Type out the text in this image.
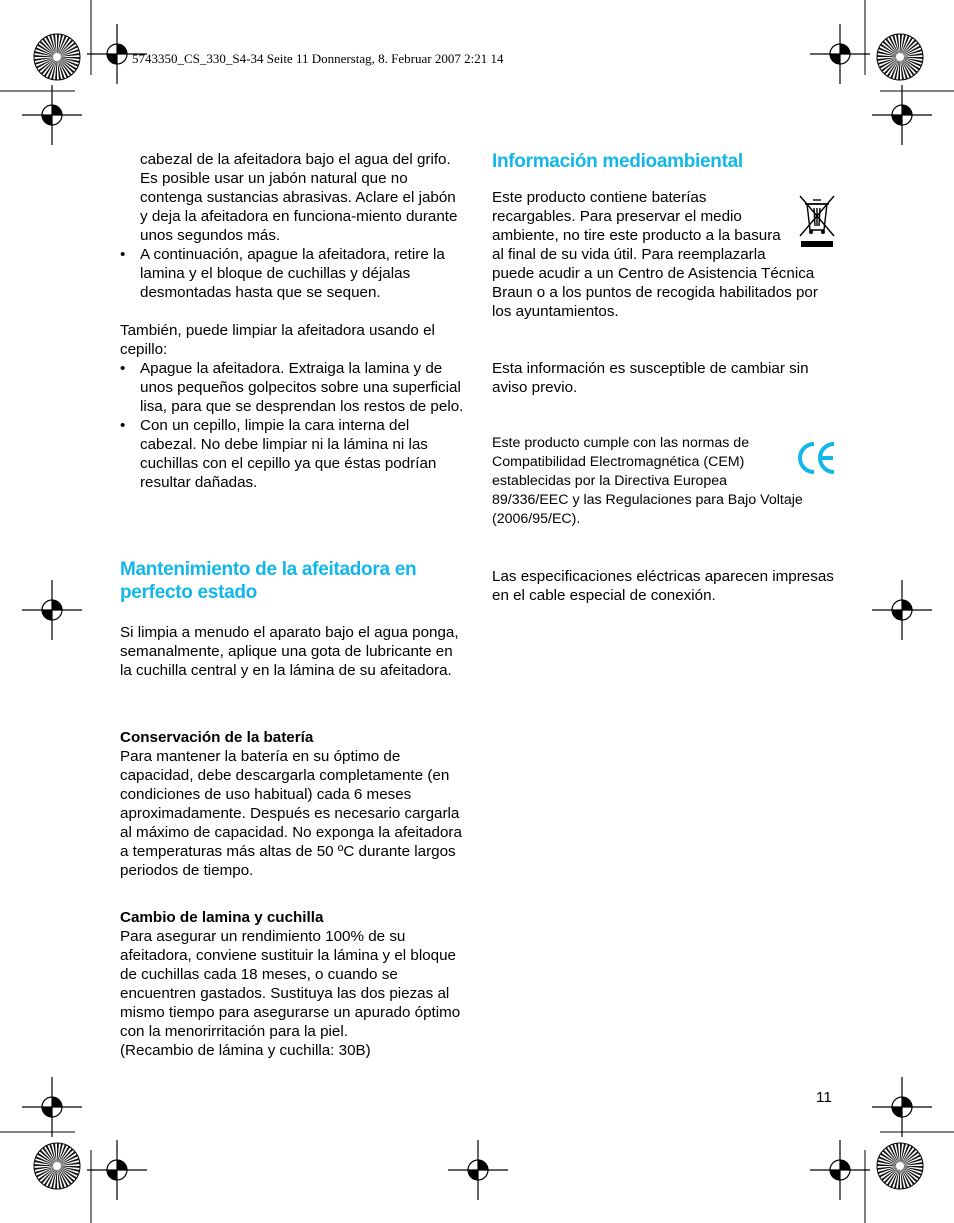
5743350_CS_330_S4-34 Seite 11 Donnerstag, 8. Februar 2007 2:21 14

cabezal de la afeitadora bajo el agua del grifo. Es posible usar un jabón natural que no contenga sustancias abrasivas. Aclare el jabón y deja la afeitadora en funciona-miento durante unos segundos más.

• A continuación, apague la afeitadora, retire la lamina y el bloque de cuchillas y déjalas desmontadas hasta que se sequen.

También, puede limpiar la afeitadora usando el cepillo:

• Apague la afeitadora. Extraiga la lamina y de unos pequeños golpecitos sobre una superficial lisa, para que se desprendan los restos de pelo.
• Con un cepillo, limpie la cara interna del cabezal. No debe limpiar ni la lámina ni las cuchillas con el cepillo ya que éstas podrían resultar dañadas.
Mantenimiento de la afeitadora en perfecto estado

Si limpia a menudo el aparato bajo el agua ponga, semanalmente, aplique una gota de lubricante en la cuchilla central y en la lámina de su afeitadora.

Conservación de la batería

Para mantener la batería en su óptimo de capacidad, debe descargarla completamente (en condiciones de uso habitual) cada 6 meses aproximadamente. Después es necesario cargarla al máximo de capacidad. No exponga la afeitadora a temperaturas más altas de 50 ºC durante largos periodos de tiempo.

Cambio de lamina y cuchilla

Para asegurar un rendimiento 100% de su afeitadora, conviene sustituir la lámina y el bloque de cuchillas cada 18 meses, o cuando se encuentren gastados. Sustituya las dos piezas al mismo tiempo para asegurarse un apurado óptimo con la menorirritación para la piel.

(Recambio de lámina y cuchilla: 30B)

Información medioambiental

Este producto contiene baterías recargables. Para preservar el medio ambiente, no tire este producto a la basura al final de su vida útil. Para reemplazarla puede acudir a un Centro de Asistencia Técnica Braun o a los puntos de recogida habilitados por los ayuntamientos.

Esta información es susceptible de cambiar sin aviso previo.

Este producto cumple con las normas de Compatibilidad Electromagnética (CEM) establecidas por la Directiva Europea 89/336/EEC y las Regulaciones para Bajo Voltaje (2006/95/EC).

Las especificaciones eléctricas aparecen impresas en el cable especial de conexión.

11
